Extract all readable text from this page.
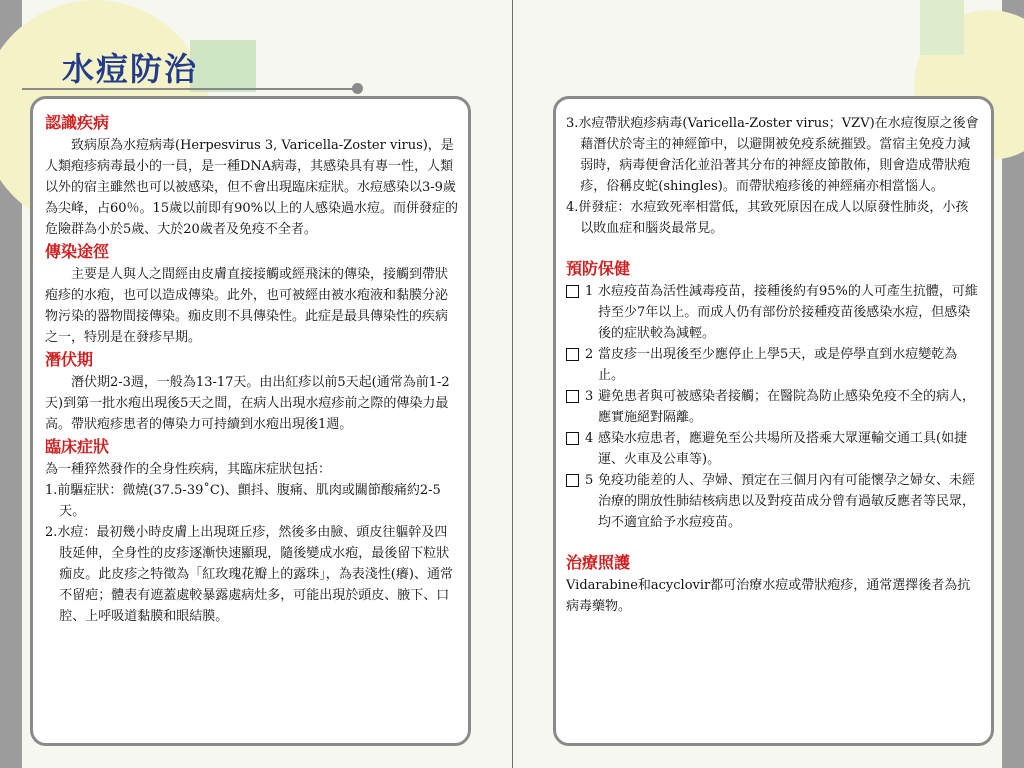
水痘防治
認識疾病

致病原為水痘病毒(Herpesvirus 3, Varicella-Zoster virus)，是人類疱疹病毒最小的一員，是一種DNA病毒，其感染具有專一性，人類以外的宿主雖然也可以被感染，但不會出現臨床症狀。水痘感染以3-9歲為尖峰，占60％。15歲以前即有90%以上的人感染過水痘。而併發症的危險群為小於5歲、大於20歲者及免疫不全者。

傳染途徑

主要是人與人之間經由皮膚直接接觸或經飛沫的傳染，接觸到帶狀疱疹的水疱，也可以造成傳染。此外，也可被經由被水疱液和黏膜分泌物污染的器物間接傳染。痂皮則不具傳染性。此症是最具傳染性的疾病之一，特別是在發疹早期。

潛伏期

潛伏期2-3週，一般為13-17天。由出紅疹以前5天起(通常為前1-2天)到第一批水疱出現後5天之間，在病人出現水痘疹前之際的傳染力最高。帶狀疱疹患者的傳染力可持續到水疱出現後1週。

臨床症狀

為一種猝然發作的全身性疾病，其臨床症狀包括：

1.前驅症狀：微燒(37.5-39˚C)、顫抖、腹痛、肌肉或關節酸痛約2-5天。

2.水痘：最初幾小時皮膚上出現斑丘疹，然後多由臉、頭皮往軀幹及四肢延伸，全身性的皮疹逐漸快速顯現，隨後變成水疱，最後留下粒狀痂皮。此皮疹之特徵為「紅玫瑰花瓣上的露珠」，為表淺性(癢)、通常不留疤；體表有遮蓋處較暴露處病灶多，可能出現於頭皮、腋下、口腔、上呼吸道黏膜和眼結膜。

3.水痘帶狀疱疹病毒(Varicella-Zoster virus；VZV)在水痘復原之後會藉潛伏於寄主的神經節中，以避開被免疫系統摧毀。當宿主免疫力減弱時，病毒便會活化並沿著其分布的神經皮節散佈，則會造成帶狀疱疹，俗稱皮蛇(shingles)。而帶狀疱疹後的神經痛亦相當惱人。

4.併發症：水痘致死率相當低，其致死原因在成人以原發性肺炎，小孩以敗血症和腦炎最常見。

預防保健
1 水痘疫苗為活性減毒疫苗，接種後約有95%的人可產生抗體，可維持至少7年以上。而成人仍有部份於接種疫苗後感染水痘，但感染後的症狀較為減輕。
2 當皮疹一出現後至少應停止上學5天，或是停學直到水痘變乾為止。
3 避免患者與可被感染者接觸；在醫院為防止感染免疫不全的病人，應實施絕對隔離。
4 感染水痘患者，應避免至公共場所及搭乘大眾運輸交通工具(如捷運、火車及公車等)。
5 免疫功能差的人、孕婦、預定在三個月內有可能懷孕之婦女、未經治療的開放性肺結核病患以及對疫苗成分曾有過敏反應者等民眾，均不適宜給予水痘疫苗。
治療照護

Vidarabine和acyclovir都可治療水痘或帶狀疱疹，通常選擇後者為抗病毒藥物。
